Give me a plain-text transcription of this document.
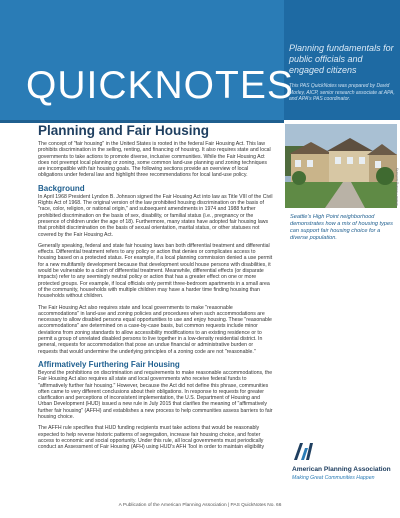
QUICKNOTES
Planning fundamentals for public officials and engaged citizens
This PAS QuickNotes was prepared by David Morley, AICP, senior research associate at APA, and APA's PAS coordinator.
Planning and Fair Housing

The concept of "fair housing" in the United States is rooted in the federal Fair Housing Act. This law prohibits discrimination in the selling, renting, and financing of housing. It also requires state and local governments to take actions to promote diverse, inclusive communities. While the Fair Housing Act does not preempt local planning or zoning, some common land-use planning and zoning techniques are incompatible with fair housing goals. The following sections provide an overview of local obligations under federal law and highlight three recommendations for local land-use policy.

Background

In April 1968 President Lyndon B. Johnson signed the Fair Housing Act into law as Title VIII of the Civil Rights Act of 1968. The original version of the law prohibited housing discrimination on the basis of "race, color, religion, or national origin," and subsequent amendments in 1974 and 1988 further prohibited discrimination on the basis of sex, disability, or familial status (i.e., pregnancy or the presence of children under the age of 18). Furthermore, many states have adopted fair housing laws that prohibit discrimination on the basis of sexual orientation, marital status, or other statuses not covered by the Fair Housing Act.

Generally speaking, federal and state fair housing laws ban both differential treatment and differential effects. Differential treatment refers to any policy or action that denies or complicates access to housing based on a protected status. For example, if a local planning commission denied a use permit for a new multifamily development because that development would house persons with disabilities, it would be vulnerable to a claim of differential treatment. Meanwhile, differential effects (or disparate impacts) refer to any seemingly neutral policy or action that has a greater effect on one or more protected groups. For example, if local officials only permit three-bedroom apartments in a small area of the community, households with multiple children may have a harder time finding housing than households without children.

The Fair Housing Act also requires state and local governments to make "reasonable accommodations" in land-use and zoning policies and procedures when such accommodations are necessary to allow disabled persons equal opportunities to use and enjoy housing. These "reasonable accommodations" are determined on a case-by-case basis, but common requests include minor deviations from zoning standards to allow accessibility modifications to an existing residence or to permit a group of unrelated disabled persons to live together in a low-density residential district. In general, requests for accommodation that pose an undue financial or administrative burden or requests that would undermine the underlying principles of a zoning code are not "reasonable."

Affirmatively Furthering Fair Housing

Beyond the prohibitions on discrimination and requirements to make reasonable accommodations, the Fair Housing Act also requires all state and local governments who receive federal funds to "affirmatively further fair housing." However, because the Act did not define this phrase, communities often came to very different conclusions about their obligations. In response to requests for greater clarification and perceptions of inconsistent implementation, the U.S. Department of Housing and Urban Development (HUD) issued a new rule in July 2015 that clarifies the meaning of "affirmatively further fair housing" (AFFH) and establishes a new process to help communities assess barriers to fair housing choice.

The AFFH rule specifies that HUD funding recipients must take actions that would be reasonably expected to help reverse historic patterns of segregation, increase fair housing choice, and foster access to economic and social opportunity. Under this rule, all local governments must periodically conduct an Assessment of Fair Housing (AFH) using HUD's AFH Tool in order to maintain eligibility

Seattle Housing Authority
Seattle's High Point neighborhood demonstrates how a mix of housing types can support fair housing choice for a diverse population.
American Planning Association
Making Great Communities Happen
A Publication of the American Planning Association | PAS QuickNotes No. 66
